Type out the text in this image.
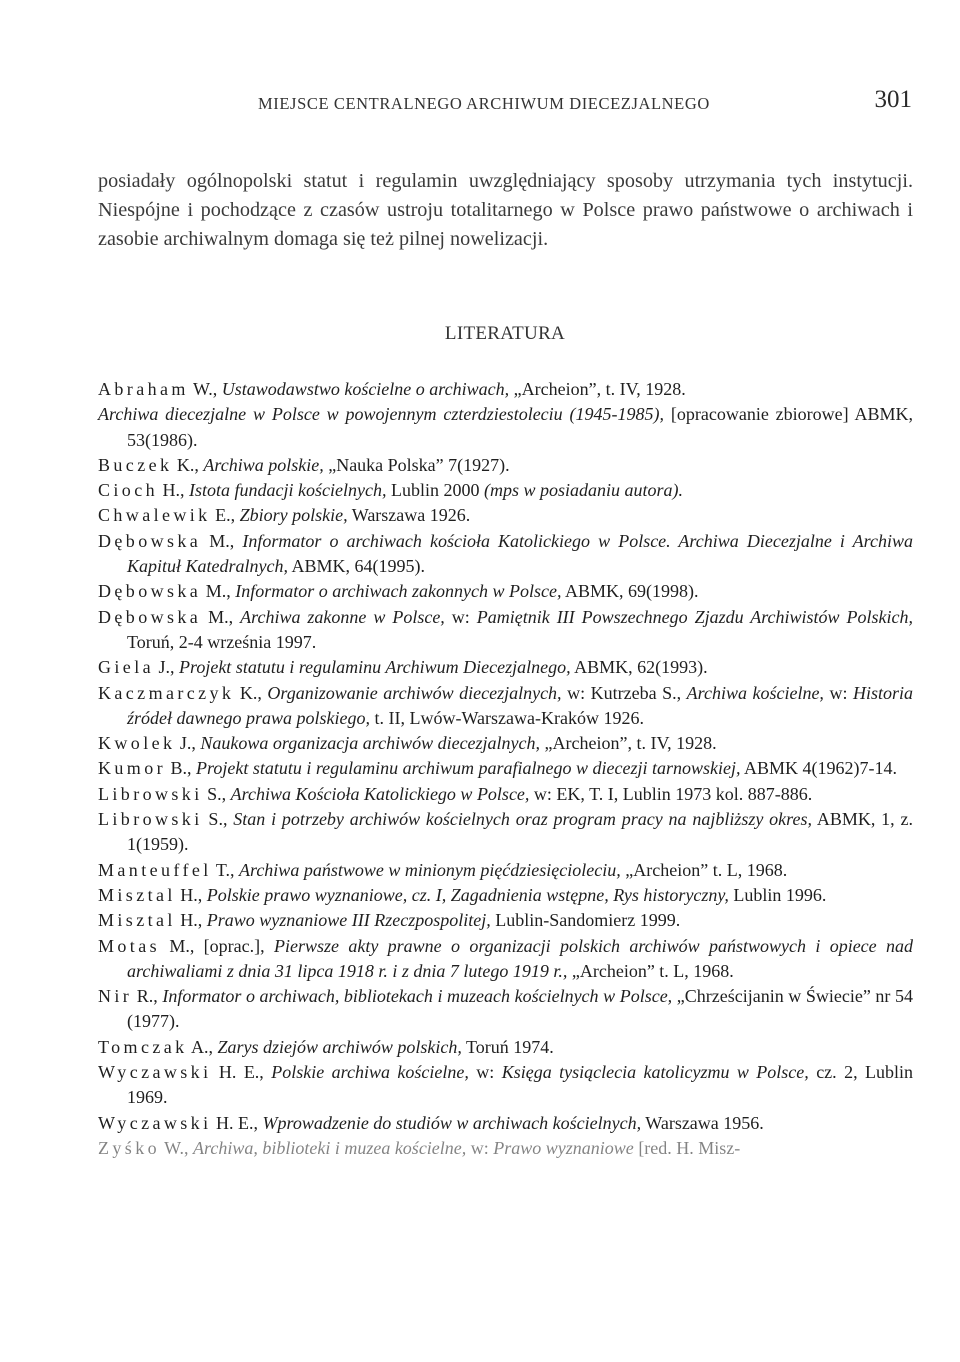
MIEJSCE CENTRALNEGO ARCHIWUM DIECEZJALNEGO	301

posiadały ogólnopolski statut i regulamin uwzględniający sposoby utrzymania tych instytucji. Niespójne i pochodzące z czasów ustroju totalitarnego w Polsce prawo państwowe o archiwach i zasobie archiwalnym domaga się też pilnej nowelizacji.

LITERATURA
Abraham W., Ustawodawstwo kościelne o archiwach, „Archeion”, t. IV, 1928.
Archiwa diecezjalne w Polsce w powojennym czterdziestoleciu (1945-1985), [opracowanie zbiorowe] ABMK, 53(1986).
Buczek K., Archiwa polskie, „Nauka Polska” 7(1927).
Cioch H., Istota fundacji kościelnych, Lublin 2000 (mps w posiadaniu autora).
Chwalewik E., Zbiory polskie, Warszawa 1926.
Dębowska M., Informator o archiwach kościoła Katolickiego w Polsce. Archiwa Diecezjalne i Archiwa Kapituł Katedralnych, ABMK, 64(1995).
Dębowska M., Informator o archiwach zakonnych w Polsce, ABMK, 69(1998).
Dębowska M., Archiwa zakonne w Polsce, w: Pamiętnik III Powszechnego Zjazdu Archiwistów Polskich, Toruń, 2-4 września 1997.
Giela J., Projekt statutu i regulaminu Archiwum Diecezjalnego, ABMK, 62(1993).
Kaczmarczyk K., Organizowanie archiwów diecezjalnych, w: Kutrzeba S., Archiwa kościelne, w: Historia źródeł dawnego prawa polskiego, t. II, Lwów-Warszawa-Kraków 1926.
Kwolek J., Naukowa organizacja archiwów diecezjalnych, „Archeion”, t. IV, 1928.
Kumor B., Projekt statutu i regulaminu archiwum parafialnego w diecezji tarnowskiej, ABMK 4(1962)7-14.
Librowski S., Archiwa Kościoła Katolickiego w Polsce, w: EK, T. I, Lublin 1973 kol. 887-886.
Librowski S., Stan i potrzeby archiwów kościelnych oraz program pracy na najbliższy okres, ABMK, 1, z. 1(1959).
Manteuffel T., Archiwa państwowe w minionym pięćdziesięcioleciu, „Archeion” t. L, 1968.
Misztal H., Polskie prawo wyznaniowe, cz. I, Zagadnienia wstępne, Rys historyczny, Lublin 1996.
Misztal H., Prawo wyznaniowe III Rzeczpospolitej, Lublin-Sandomierz 1999.
Motas M., [oprac.], Pierwsze akty prawne o organizacji polskich archiwów państwowych i opiece nad archiwaliami z dnia 31 lipca 1918 r. i z dnia 7 lutego 1919 r., „Archeion” t. L, 1968.
Nir R., Informator o archiwach, bibliotekach i muzeach kościelnych w Polsce, „Chrześcijanin w Świecie” nr 54 (1977).
Tomczak A., Zarys dziejów archiwów polskich, Toruń 1974.
Wyczawski H. E., Polskie archiwa kościelne, w: Księga tysiąclecia katolicyzmu w Polsce, cz. 2, Lublin 1969.
Wyczawski H. E., Wprowadzenie do studiów w archiwach kościelnych, Warszawa 1956.
Zyśko W., Archiwa, biblioteki i muzea kościelne, w: Prawo wyznaniowe [red. H. Misz-
